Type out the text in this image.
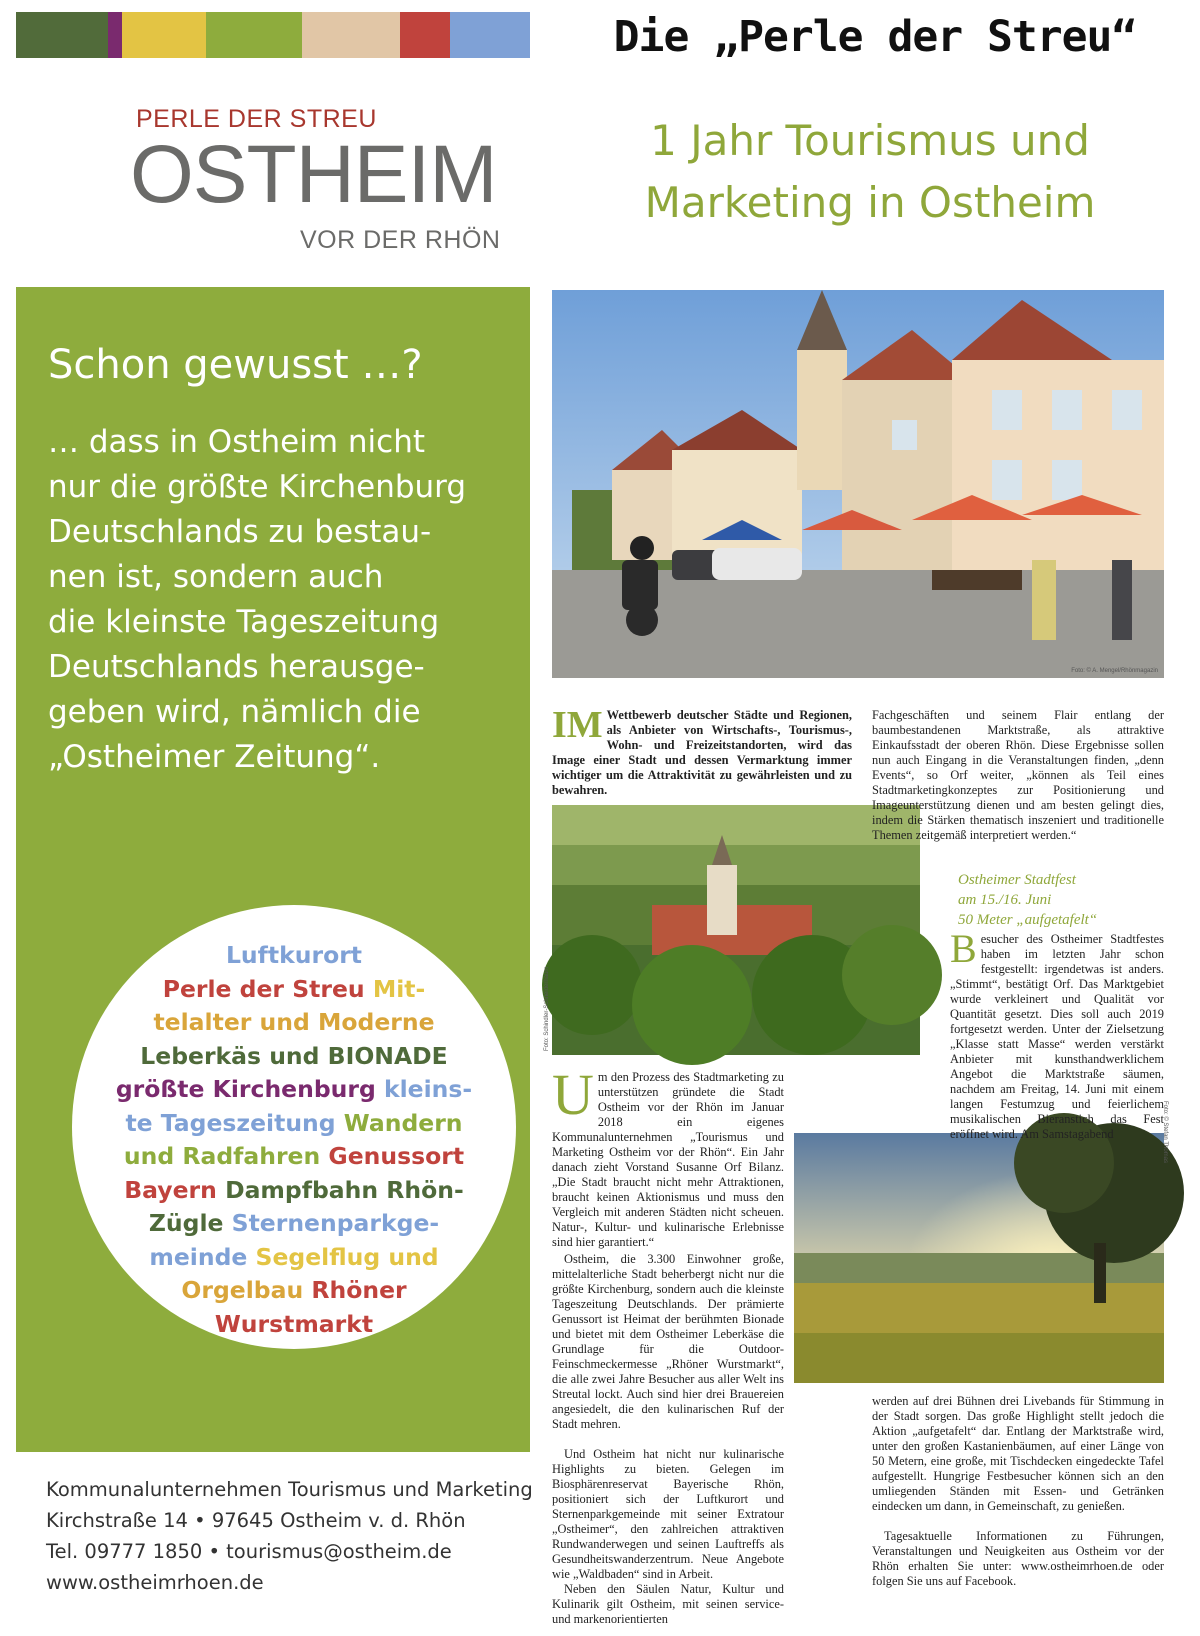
PERLE DER STREU
OSTHEIM
VOR DER RHÖN
Die „Perle der Streu“
1 Jahr Tourismus und
Marketing in Ostheim
Schon gewusst …?
… dass in Ostheim nicht
nur die größte Kirchenburg
Deutschlands zu bestau-
nen ist, sondern auch
die kleinste Tageszeitung
Deutschlands herausge-
geben wird, nämlich die
„Ostheimer Zeitung“.
Luftkurort
Perle der Streu Mit-
telalter und Moderne
Leberkäs und BIONADE
größte Kirchenburg kleins-
te Tageszeitung Wandern
und Radfahren Genussort
Bayern Dampfbahn Rhön-
Zügle Sternenparkge-
meinde Segelflug und
Orgelbau Rhöner
Wurstmarkt
Kommunalunternehmen Tourismus und Marketing
Kirchstraße 14 • 97645 Ostheim v. d. Rhön
Tel. 09777 1850 • tourismus@ostheim.de
www.ostheimrhoen.de
Foto: © A. Mengel/Rhönmagazin
Foto: Schindler-Schneiderhaum
Foto: © Stefan Thomas
IM Wettbewerb deutscher Städte und Regionen, als Anbieter von Wirtschafts-, Tourismus-, Wohn- und Freizeitstandorten, wird das Image einer Stadt und dessen Vermarktung immer wichtiger um die Attraktivität zu gewährleisten und zu bewahren.
Fachgeschäften und seinem Flair entlang der baumbestandenen Marktstraße, als attraktive Einkaufsstadt der oberen Rhön. Diese Ergebnisse sollen nun auch Eingang in die Veranstaltungen finden, „denn Events“, so Orf weiter, „können als Teil eines Stadtmarketingkonzeptes zur Positionierung und Imageunterstützung dienen und am besten gelingt dies, indem die Stärken thematisch inszeniert und traditionelle Themen zeitgemäß interpretiert werden.“
Ostheimer Stadtfest
am 15./16. Juni
50 Meter „aufgetafelt“
B esucher des Ostheimer Stadtfestes haben im letzten Jahr schon festgestellt: irgendetwas ist anders. „Stimmt“, bestätigt Orf. Das Marktgebiet wurde verkleinert und Qualität vor Quantität gesetzt. Dies soll auch 2019 fortgesetzt werden. Unter der Zielsetzung „Klasse statt Masse“ werden verstärkt Anbieter mit kunsthandwerklichem Angebot die Marktstraße säumen, nachdem am Freitag, 14. Juni mit einem langen Festumzug und feierlichem musikalischen Bieranstich das Fest eröffnet wird. Am Samstagabend
U m den Prozess des Stadtmarketing zu unterstützen gründete die Stadt Ostheim vor der Rhön im Januar 2018 ein eigenes Kommunalunternehmen „Tourismus und Marketing Ostheim vor der Rhön“. Ein Jahr danach zieht Vorstand Susanne Orf Bilanz. „Die Stadt braucht nicht mehr Attraktionen, braucht keinen Aktionismus und muss den Vergleich mit anderen Städten nicht scheuen. Natur-, Kultur- und kulinarische Erlebnisse sind hier garantiert.“
Ostheim, die 3.300 Einwohner große, mittelalterliche Stadt beherbergt nicht nur die größte Kirchenburg, sondern auch die kleinste Tageszeitung Deutschlands. Der prämierte Genussort ist Heimat der berühmten Bionade und bietet mit dem Ostheimer Leberkäse die Grundlage für die Outdoor-Feinschmeckermesse „Rhöner Wurstmarkt“, die alle zwei Jahre Besucher aus aller Welt ins Streutal lockt. Auch sind hier drei Brauereien angesiedelt, die den kulinarischen Ruf der Stadt mehren.
Und Ostheim hat nicht nur kulinarische Highlights zu bieten. Gelegen im Biosphärenreservat Bayerische Rhön, positioniert sich der Luftkurort und Sternenparkgemeinde mit seiner Extratour „Ostheimer“, den zahlreichen attraktiven Rundwanderwegen und seinen Lauftreffs als Gesundheitswanderzentrum. Neue Angebote wie „Waldbaden“ sind in Arbeit.
Neben den Säulen Natur, Kultur und Kulinarik gilt Ostheim, mit seinen service- und markenorientierten
werden auf drei Bühnen drei Livebands für Stimmung in der Stadt sorgen. Das große Highlight stellt jedoch die Aktion „aufgetafelt“ dar. Entlang der Marktstraße wird, unter den großen Kastanienbäumen, auf einer Länge von 50 Metern, eine große, mit Tischdecken eingedeckte Tafel aufgestellt. Hungrige Festbesucher können sich an den umliegenden Ständen mit Essen- und Getränken eindecken um dann, in Gemeinschaft, zu genießen.
Tagesaktuelle Informationen zu Führungen, Veranstaltungen und Neuigkeiten aus Ostheim vor der Rhön erhalten Sie unter: www.ostheimrhoen.de oder folgen Sie uns auf Facebook.
